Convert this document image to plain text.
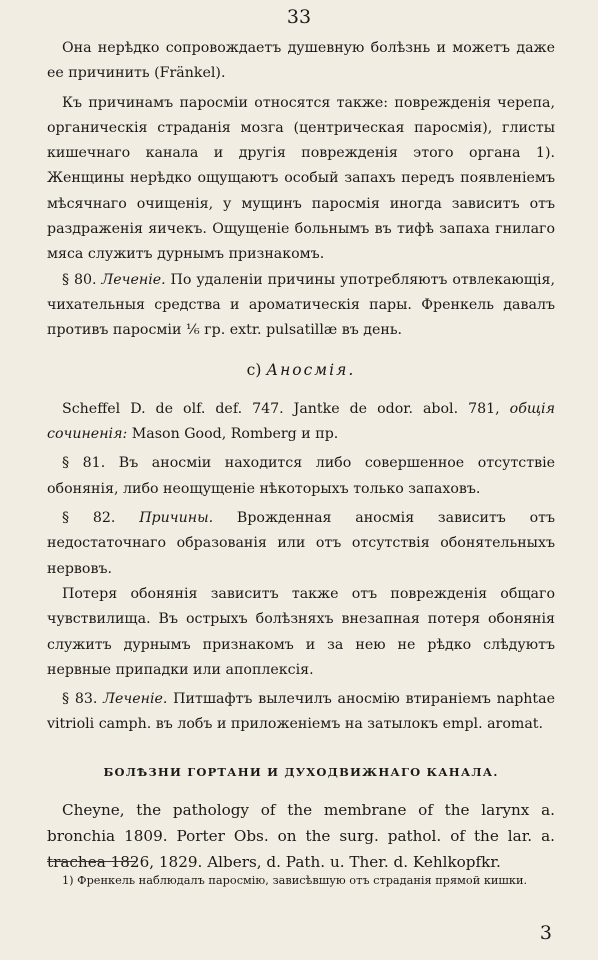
33

Она нерѣдко сопровождаетъ душевную болѣзнь и можетъ даже ее причинить (Fränkel).

Къ причинамъ паросміи относятся также: поврежденія черепа, органическія страданія мозга (центрическая паросмія), глисты кишечнаго канала и другія поврежденія этого органа 1). Женщины нерѣдко ощущаютъ особый запахъ передъ появленіемъ мѣсячнаго очищенія, у мущинъ паросмія иногда зависитъ отъ раздраженія яичекъ. Ощущеніе больнымъ въ тифѣ запаха гнилаго мяса служитъ дурнымъ признакомъ.

§ 80. Леченіе. По удаленіи причины употребляютъ отвлекающія, чихательныя средства и ароматическія пары. Френкель давалъ противъ паросміи ⅙ гр. extr. pulsatillæ въ день.

c) Аносмія.

Scheffel D. de olf. def. 747. Jantke de odor. abol. 781, общія сочиненія: Mason Good, Romberg и пр.

§ 81. Въ аносміи находится либо совершенное отсутствіе обонянія, либо неощущеніе нѣкоторыхъ только запаховъ.

§ 82. Причины. Врожденная аносмія зависитъ отъ недостаточнаго образованія или отъ отсутствія обонятельныхъ нервовъ.

Потеря обонянія зависитъ также отъ поврежденія общаго чувствилища. Въ острыхъ болѣзняхъ внезапная потеря обонянія служитъ дурнымъ признакомъ и за нею не рѣдко слѣдуютъ нервные припадки или апоплексія.

§ 83. Леченіе. Питшафтъ вылечилъ аносмію втираніемъ naphtae vitrioli camph. въ лобъ и приложеніемъ на затылокъ empl. aromat.

БОЛѢЗНИ ГОРТАНИ И ДУХОДВИЖНАГО КАНАЛА.

Cheyne, the pathology of the membrane of the larynx a. bronchia 1809. Porter Obs. on the surg. pathol. of the lar. a. trachea 1826, 1829. Albers, d. Path. u. Ther. d. Kehlkopfkr.

1) Френкель наблюдалъ паросмію, зависѣвшую отъ страданія прямой кишки.

3
